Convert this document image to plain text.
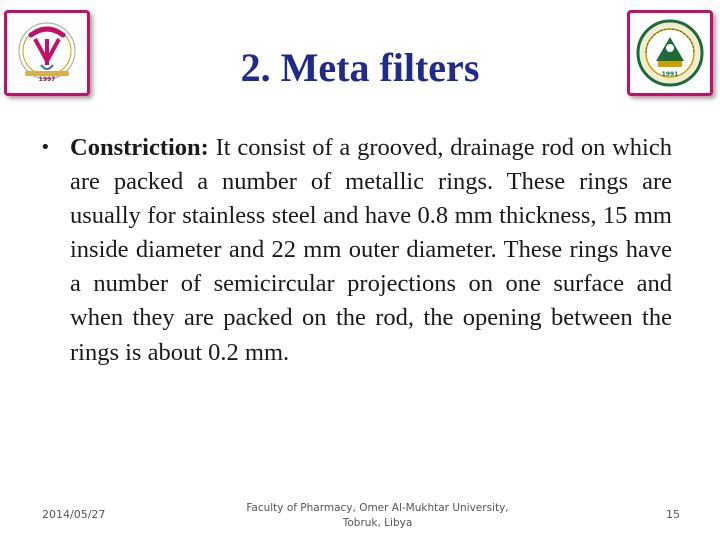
1997
1991
2. Meta filters
• Constriction: It consist of a grooved, drainage rod on which are packed a number of metallic rings. These rings are usually for stainless steel and have 0.8 mm thickness, 15 mm inside diameter and 22 mm outer diameter. These rings have a number of semicircular projections on one surface and when they are packed on the rod, the opening between the rings is about 0.2 mm.

2014/05/27	Faculty of Pharmacy, Omer Al-Mukhtar University,
Tobruk, Libya
15
